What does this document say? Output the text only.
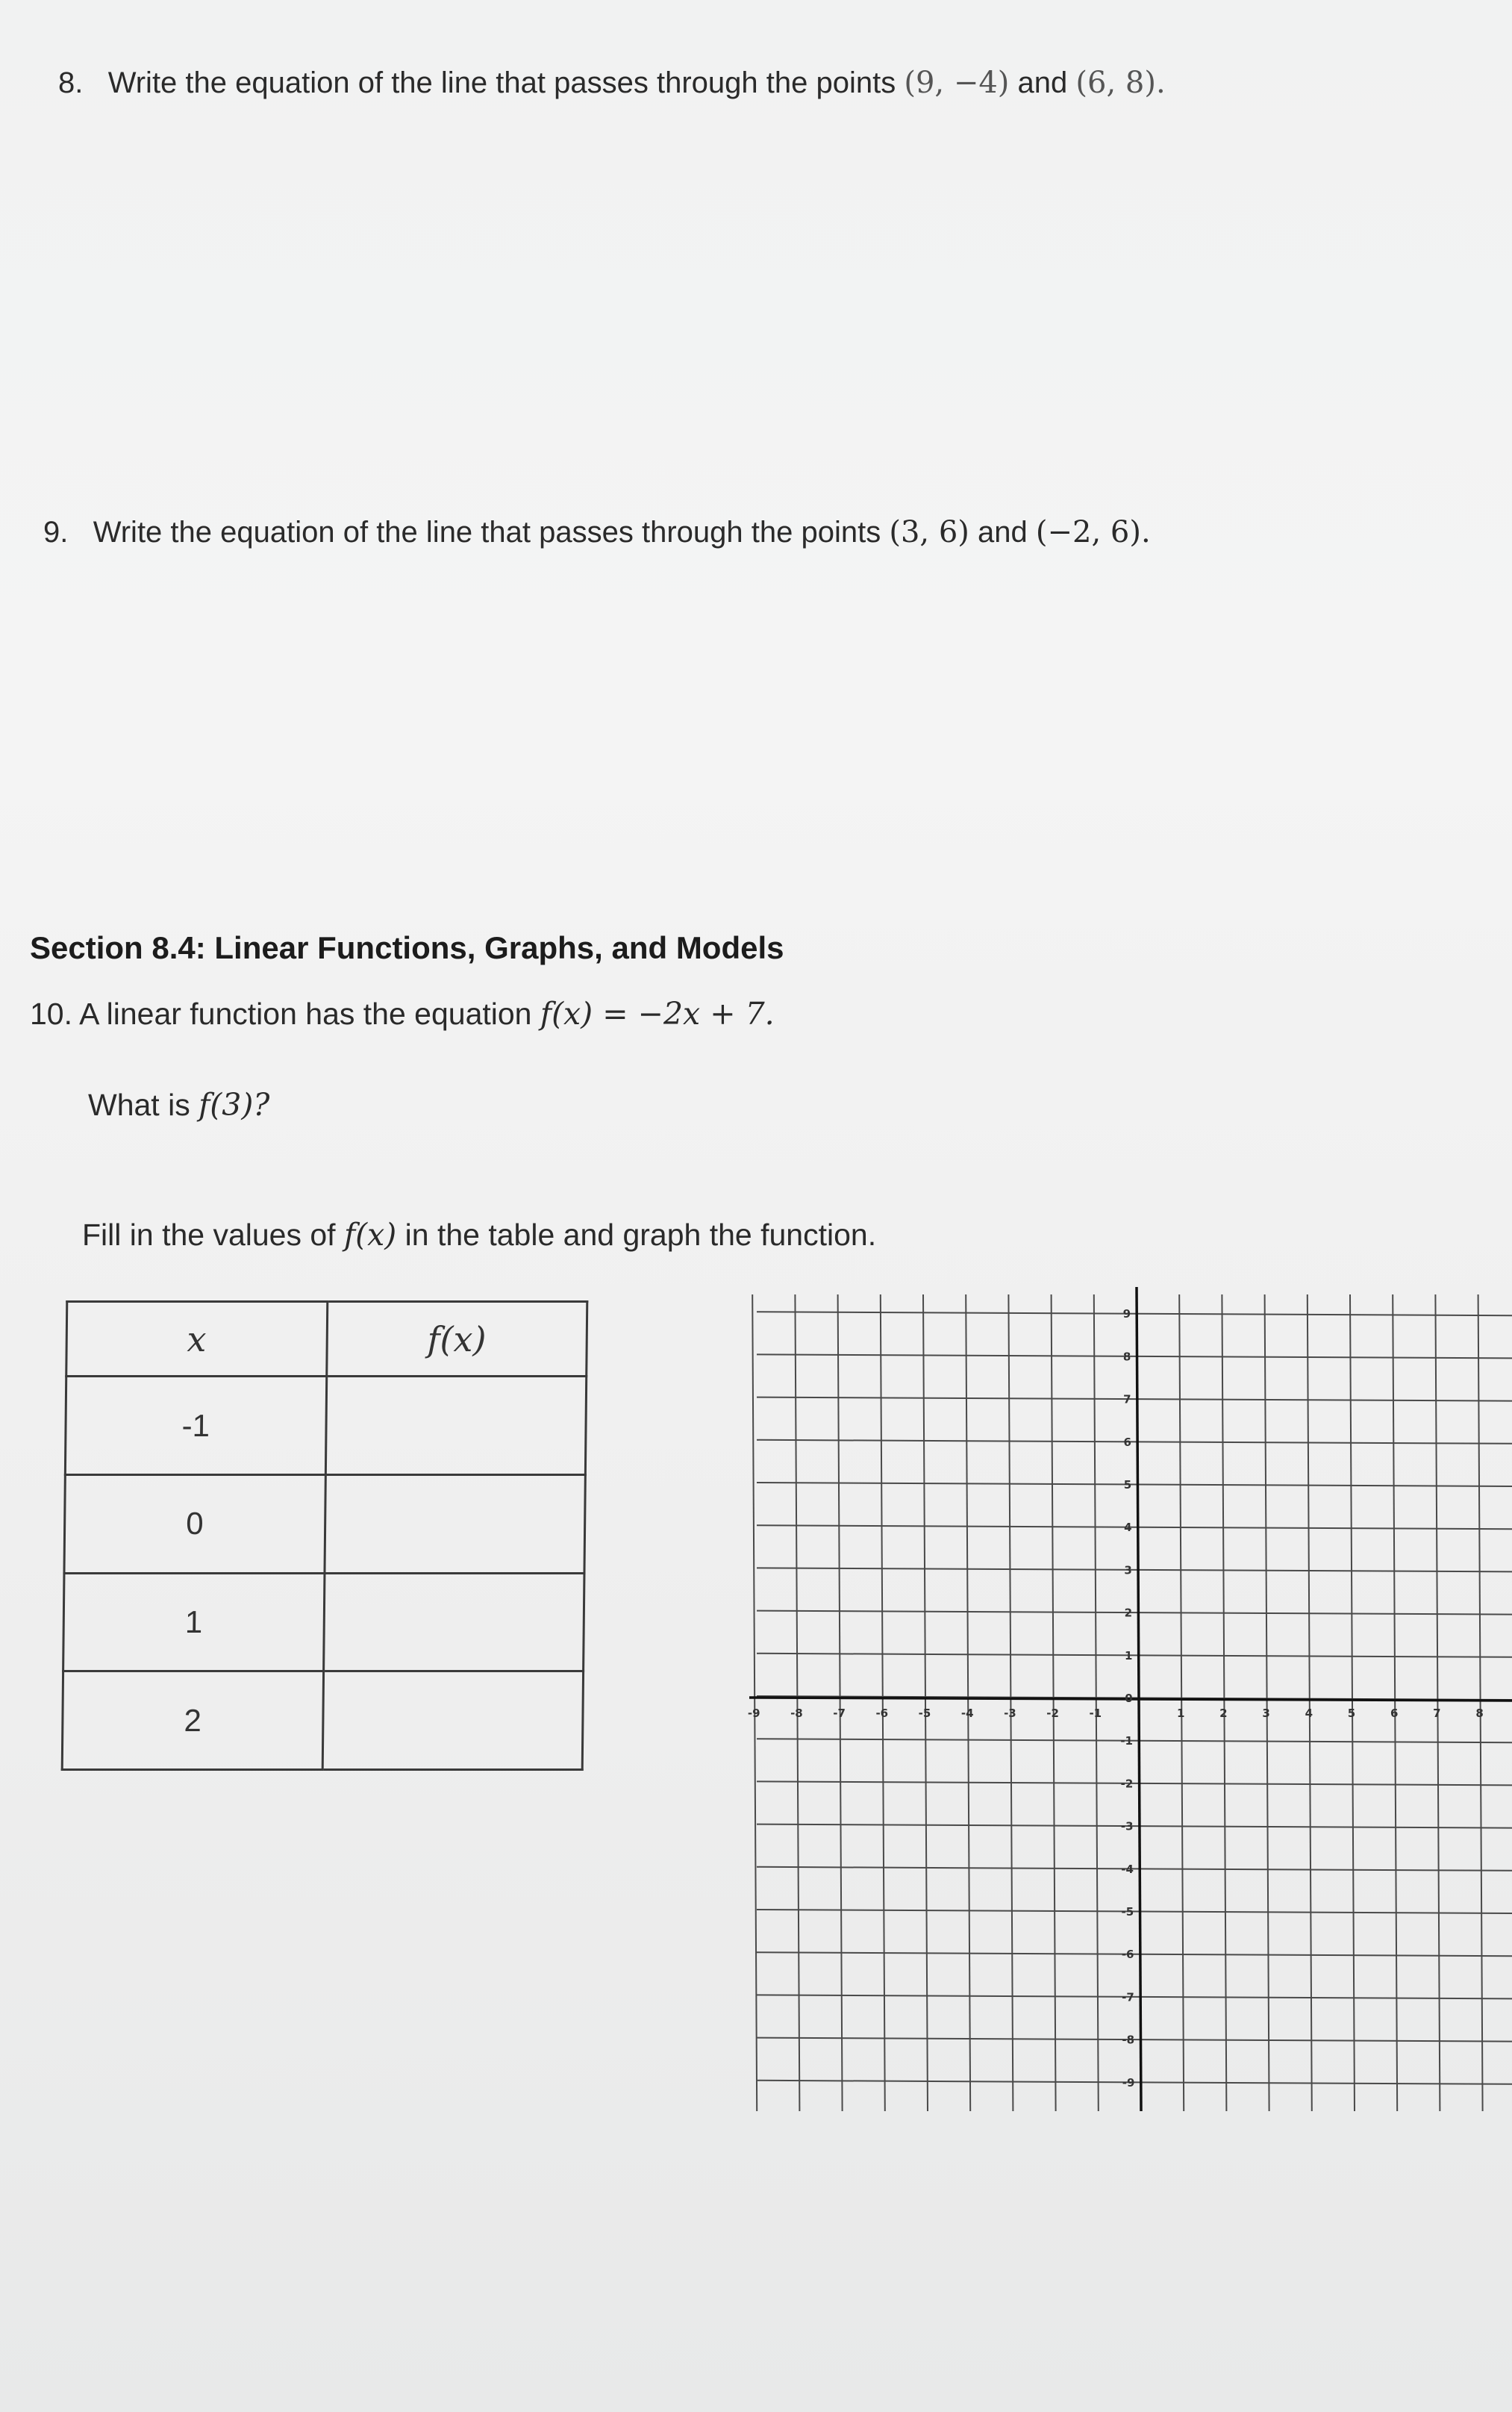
8. Write the equation of the line that passes through the points (9, −4) and (6, 8).
9. Write the equation of the line that passes through the points (3, 6) and (−2, 6).
Section 8.4: Linear Functions, Graphs, and Models
10. A linear function has the equation f(x) = −2x + 7.
What is f(3)?
Fill in the values of f(x) in the table and graph the function.
x	f(x)
-1	
0	
1	
2		-9	-8	-7	-6	-5	-4	-3	-2	-1	1	2	3	4	5	6	7	8
9
8
7
6
5
4
3
2
1
0
-1
-2
-3
-4
-5
-6
-7
-8
-9
